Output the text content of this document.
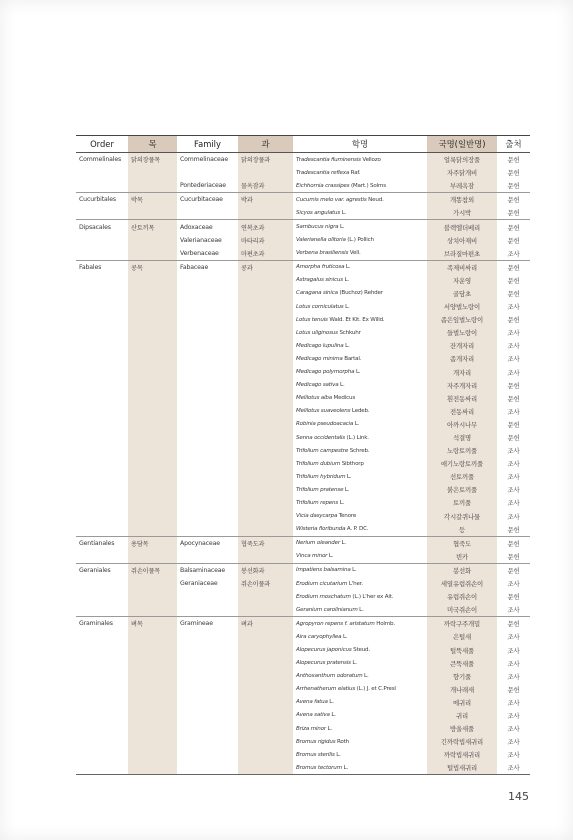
Order	목	Family	과	학명	국명(일반명)	출처
Commelinales	닭의장풀목	Commelinaceae	닭의장풀과	Tradescantia fluminensis Vellozo	얼룩닭의장풀	문헌
				Tradescantia reflexa Raf.	자주닭개비	문헌
		Pontederiaceae	물옥잠과	Eichhornia crassipes (Mart.) Solms	부레옥잠	문헌
Cucurbitales	박목	Cucurbitaceae	박과	Cucumis melo var. agrestis Neud.	개똥참외	문헌
				Sicyos angulatus L.	가시박	문헌
Dipsacales	산토끼목	Adoxaceae	연복초과	Sambucus nigra L.	블랙엘더베리	문헌
		Valerianaceae	마타리과	Valerianella olitoria (L.) Pollich	상치아재비	문헌
		Verbenaceae	마편초과	Verbena brasiliensis Vell.	브라질마편초	조사
Fabales	콩목	Fabaceae	콩과	Amorpha fruticosa L.	족제비싸리	문헌
				Astragalus sinicus L.	자운영	문헌
				Caragana sinica (Buchoz) Rehder	골담초	문헌
				Lotus corniculatus L.	서양벌노랑이	조사
				Lotus tenuis Wald. Et Kit. Ex Willd.	좁은잎벌노랑이	문헌
				Lotus uliginosus Schkuhr	들벌노랑이	조사
				Medicago lupulina L.	잔개자리	조사
				Medicago minima Bartal.	좀개자리	조사
				Medicago polymorpha L.	개자리	조사
				Medicago sativa L.	자주개자리	문헌
				Melilotus alba Medicus	흰전동싸리	문헌
				Melilotus suaveolens Ledeb.	전동싸리	조사
				Robinia pseudoacacia L.	아까시나무	문헌
				Senna occidentalis (L.) Link.	석결명	문헌
				Trifolium campestre Schreb.	노랑토끼풀	조사
				Trifolium dubium Sibthorp	애기노랑토끼풀	조사
				Trifolium hybridum L.	선토끼풀	조사
				Trifolium pratense L.	붉은토끼풀	조사
				Trifolium repens L.	토끼풀	조사
				Vicia dasycarpa Tenore	각시갈퀴나물	조사
				Wisteria floribunda A. P. DC.	등	문헌
Gentianales	용담목	Apocynaceae	협죽도과	Nerium oleander L.	협죽도	문헌
				Vinca minor L.	빈카	문헌
Geraniales	쥐손이풀목	Balsaminaceae	봉선화과	Impatiens balsamina L.	봉선화	문헌
		Geraniaceae	쥐손이풀과	Erodium cicutarium L'her.	세열유럽쥐손이	조사
				Erodium moschatum (L.) L'her ex Ait.	유럽쥐손이	문헌
				Geranium carolinianum L.	미국쥐손이	조사
Graminales	벼목	Gramineae	벼과	Agropyron repens f. aristatum Holmb.	까락구주개밀	문헌
				Aira caryophyllea L.	은털새	조사
				Alopecurus japonicus Steud.	털뚝새풀	조사
				Alopecurus pratensis L.	큰뚝새풀	조사
				Anthoxanthum odoratum L.	향기풀	조사
				Arrhenatherum elatius (L.) J. et C.Presl	개나래새	문헌
				Avena fatua L.	메귀리	조사
				Avena sativa L.	귀리	조사
				Briza minor L.	방울새풀	조사
				Bromus rigidus Roth	긴까락빕새귀리	조사
				Bromus sterilis L.	까락빕새귀리	조사
				Bromus tectorum L.	털빕새귀리	조사
145
